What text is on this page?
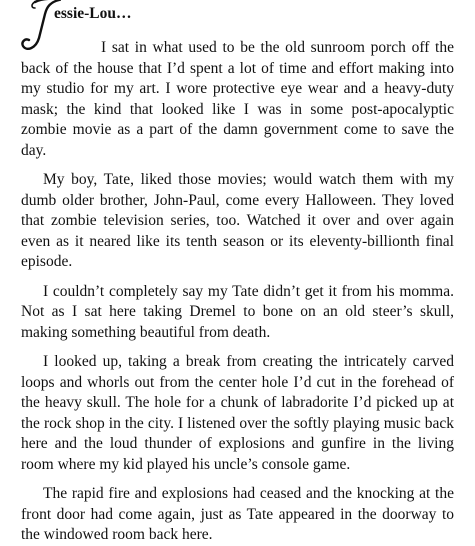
essie-Lou…

I sat in what used to be the old sunroom porch off the back of the house that I’d spent a lot of time and effort making into my studio for my art. I wore protective eye wear and a heavy-duty mask; the kind that looked like I was in some post-apocalyptic zombie movie as a part of the damn government come to save the day.

My boy, Tate, liked those movies; would watch them with my dumb older brother, John-Paul, come every Halloween. They loved that zombie television series, too. Watched it over and over again even as it neared like its tenth season or its eleventy-billionth final episode.

I couldn’t completely say my Tate didn’t get it from his momma. Not as I sat here taking Dremel to bone on an old steer’s skull, making something beautiful from death.

I looked up, taking a break from creating the intricately carved loops and whorls out from the center hole I’d cut in the forehead of the heavy skull. The hole for a chunk of labradorite I’d picked up at the rock shop in the city. I listened over the softly playing music back here and the loud thunder of explosions and gunfire in the living room where my kid played his uncle’s console game.

The rapid fire and explosions had ceased and the knocking at the front door had come again, just as Tate appeared in the doorway to the windowed room back here.
